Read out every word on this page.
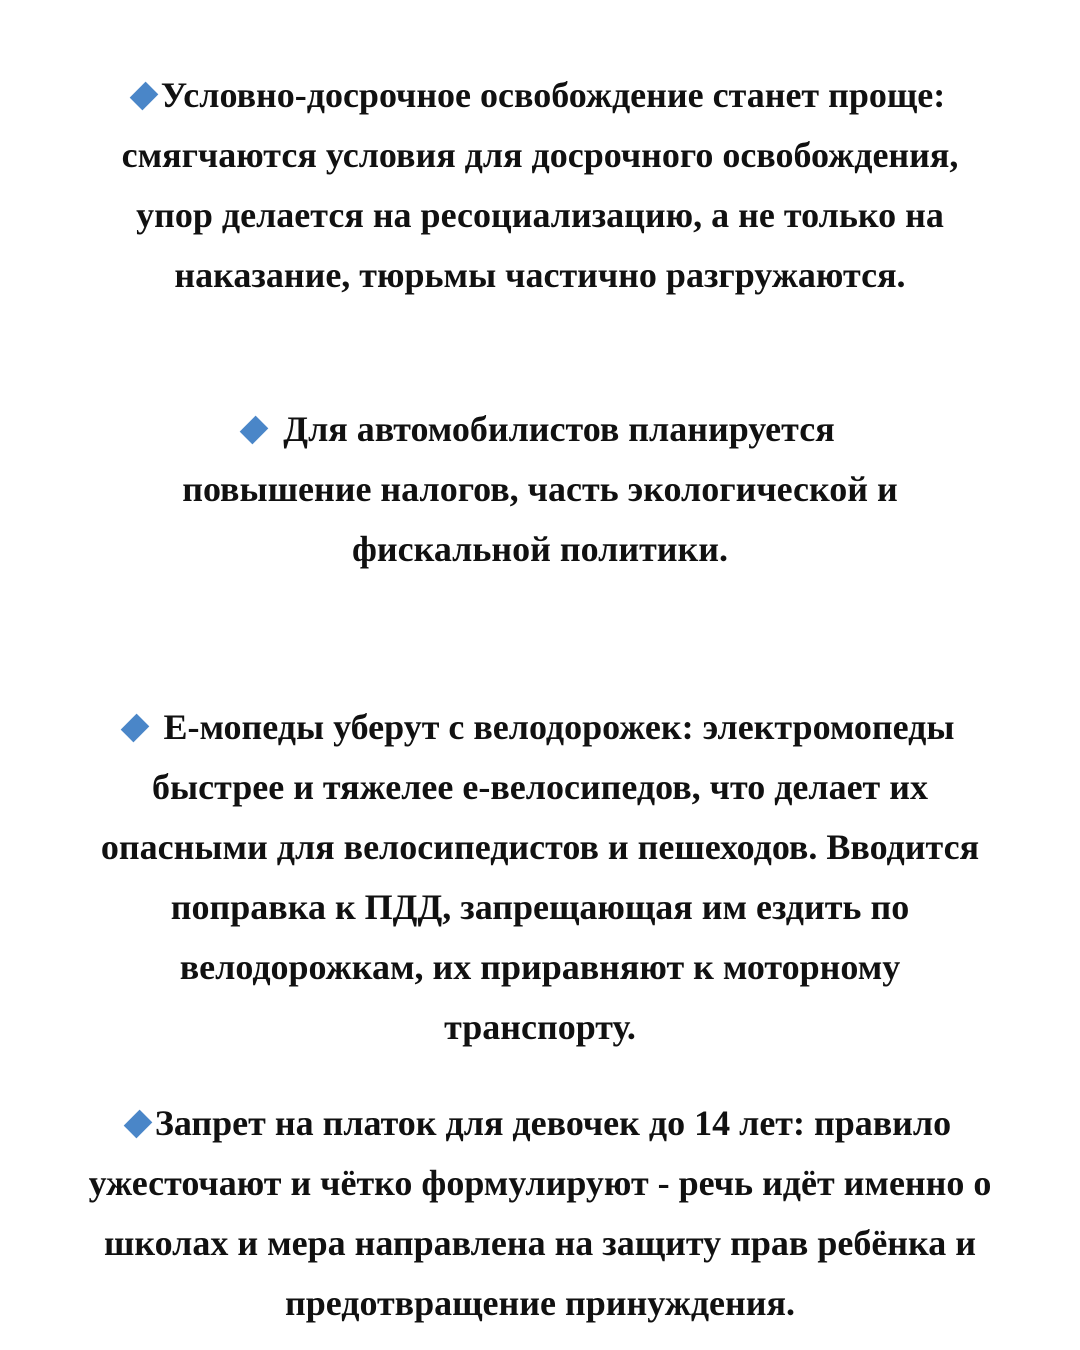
Условно-досрочное освобождение станет проще:
смягчаются условия для досрочного освобождения,
упор делается на ресоциализацию, а не только на
наказание, тюрьмы частично разгружаются.

Для автомобилистов планируется
повышение налогов, часть экологической и
фискальной политики.

Е-мопеды уберут с велодорожек: электромопеды
быстрее и тяжелее е-велосипедов, что делает их
опасными для велосипедистов и пешеходов. Вводится
поправка к ПДД, запрещающая им ездить по
велодорожкам, их приравняют к моторному
транспорту.

Запрет на платок для девочек до 14 лет: правило
ужесточают и чётко формулируют - речь идёт именно о
школах и мера направлена на защиту прав ребёнка и
предотвращение принуждения.
